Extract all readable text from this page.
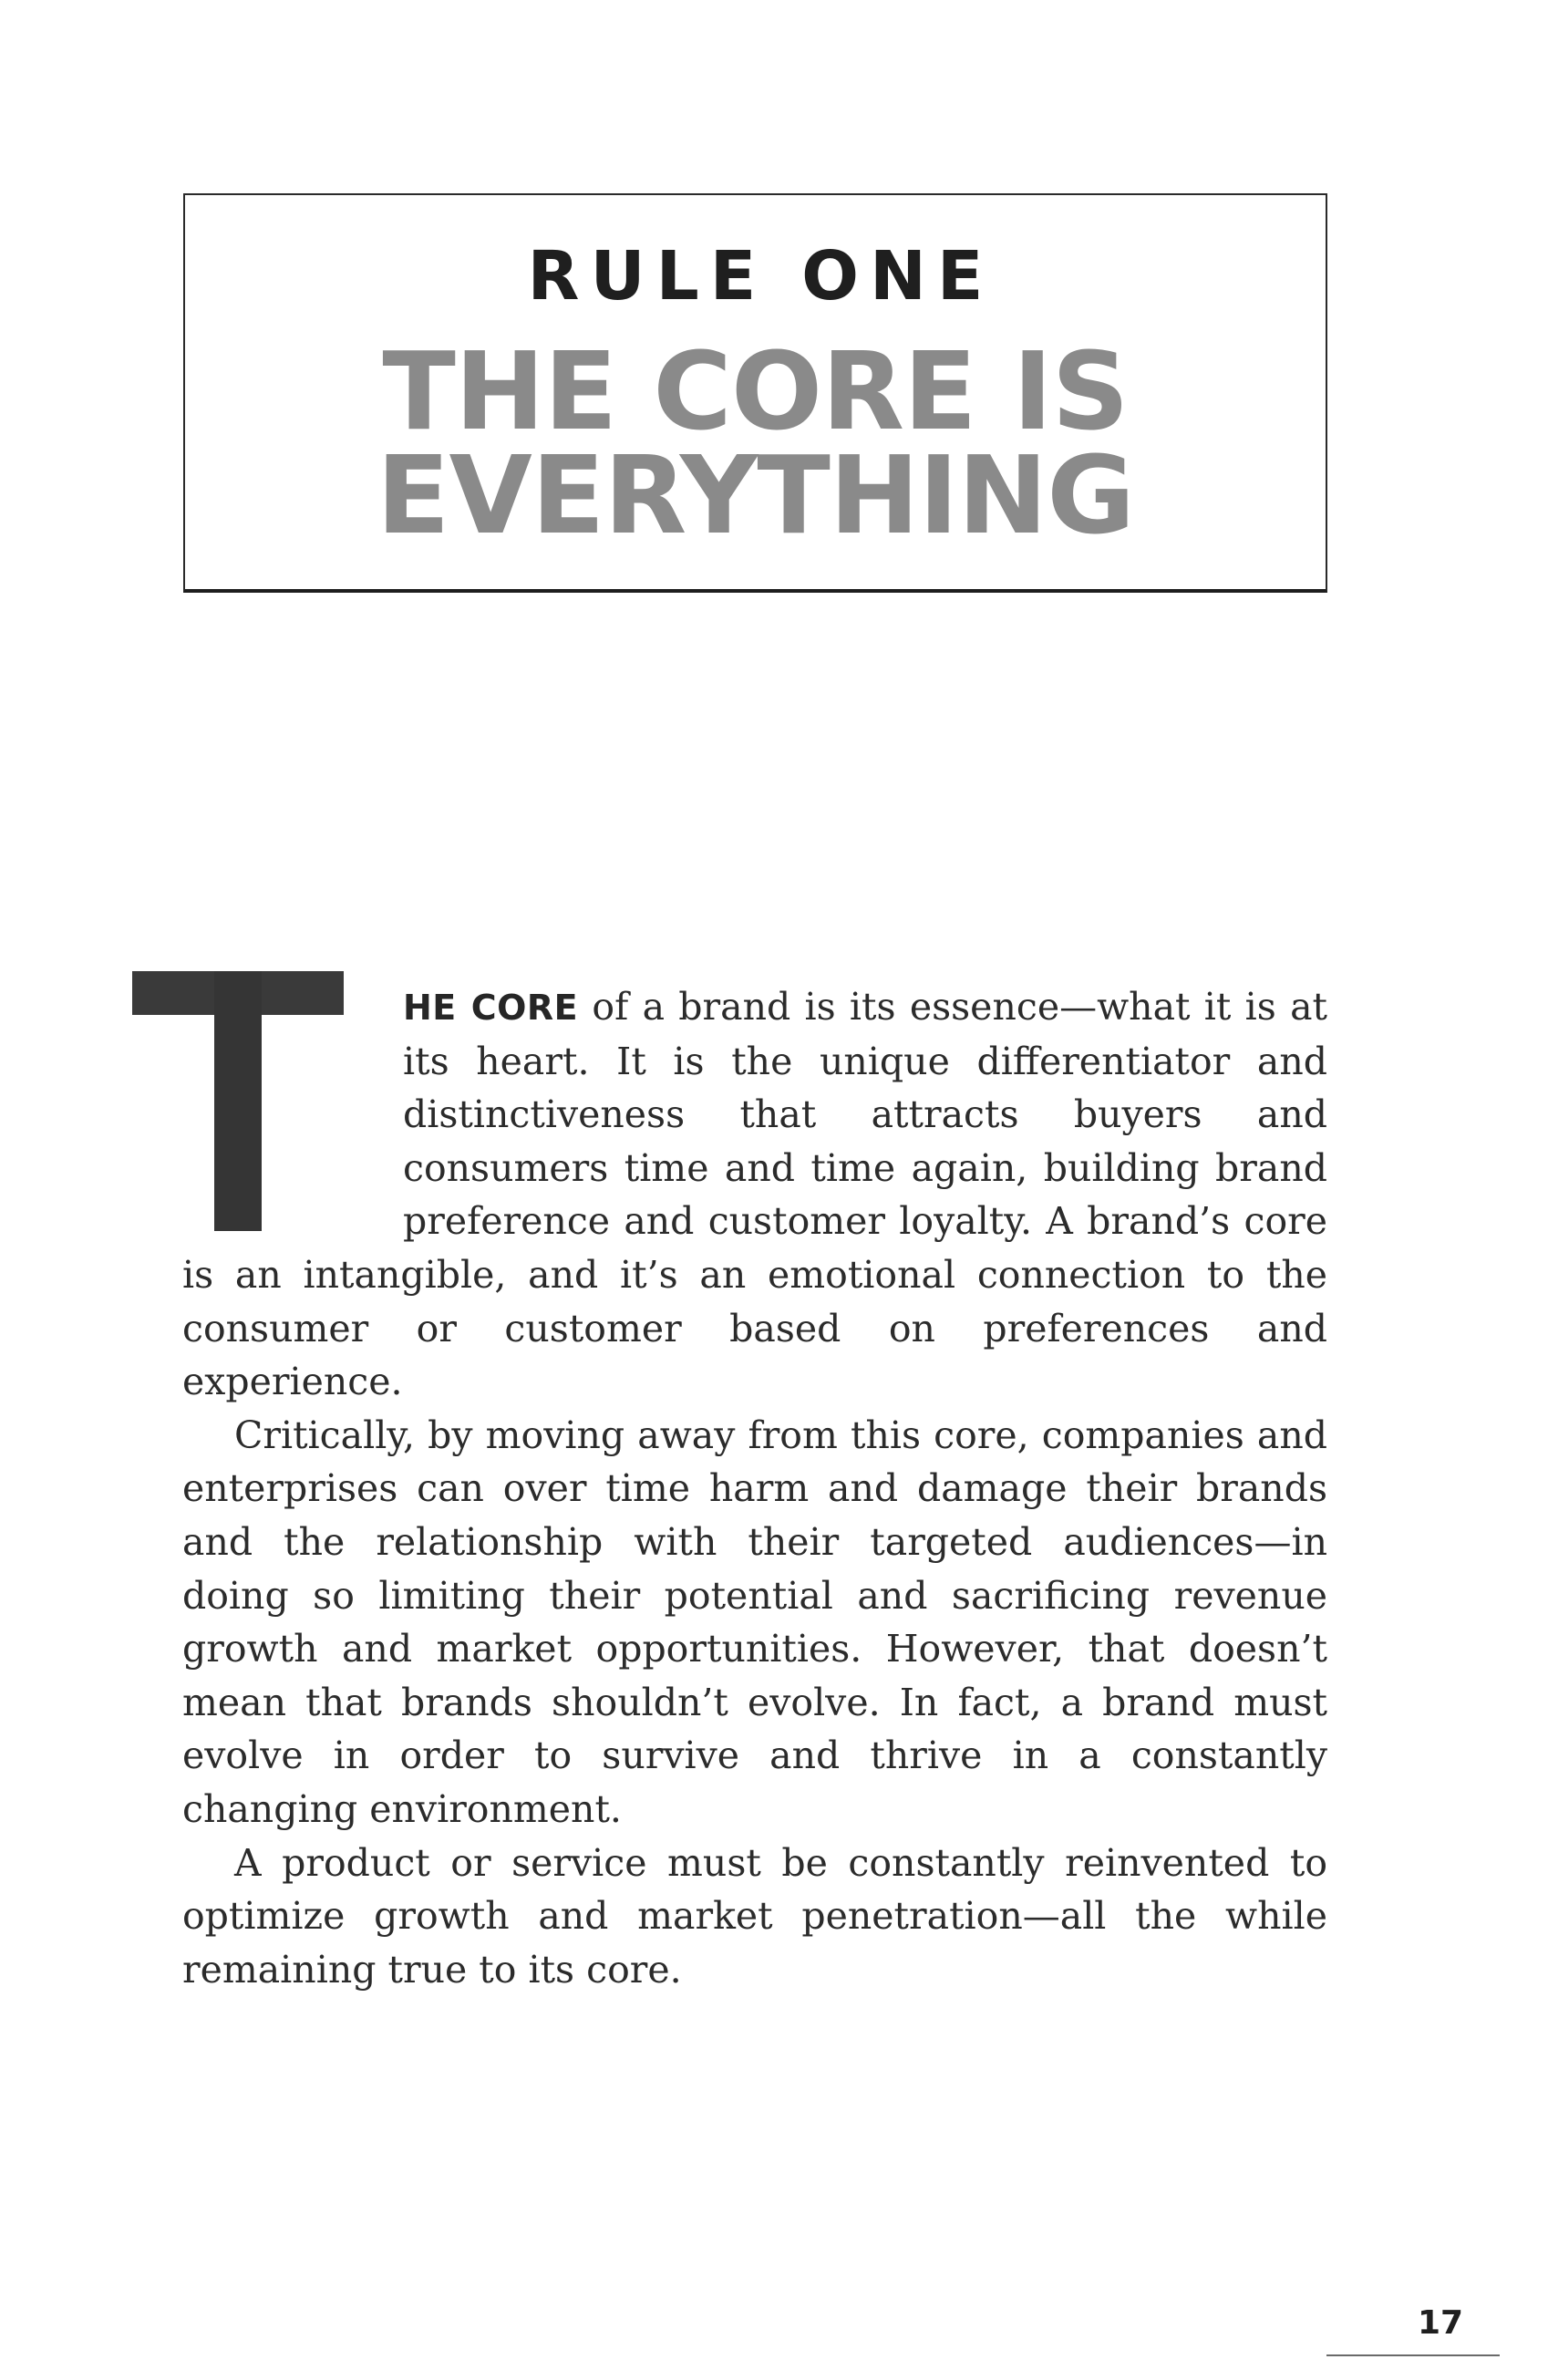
RULE ONE
THE CORE IS
EVERYTHING

HE CORE of a brand is its essence—what it is at its heart. It is the unique differentiator and distinctiveness that attracts buyers and consumers time and time again, building brand preference and customer loyalty. A brand’s core is an intangible, and it’s an emotional connection to the consumer or customer based on preferences and experience.

Critically, by moving away from this core, companies and enterprises can over time harm and damage their brands and the relationship with their targeted audiences—in doing so limiting their potential and sacrificing revenue growth and market opportunities. However, that doesn’t mean that brands shouldn’t evolve. In fact, a brand must evolve in order to survive and thrive in a constantly changing environment.

A product or service must be constantly reinvented to optimize growth and market penetration—all the while remaining true to its core.

17
